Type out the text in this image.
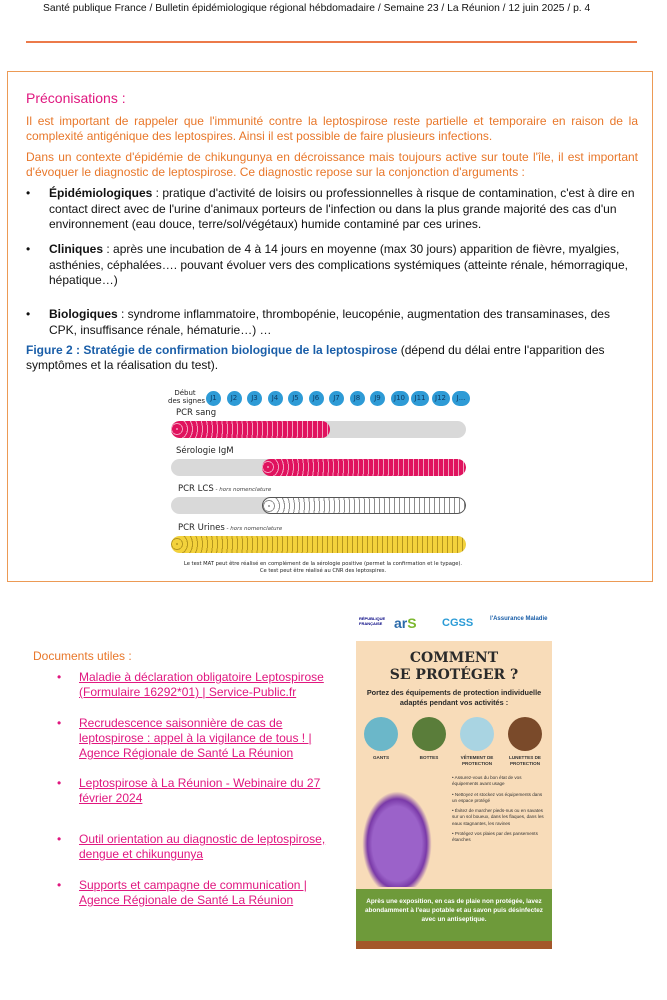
Santé publique France / Bulletin épidémiologique régional hébdomadaire / Semaine 23 / La Réunion / 12 juin 2025 / p. 4
Préconisations :
Il est important de rappeler que l'immunité contre la leptospirose reste partielle et temporaire en raison de la complexité antigénique des leptospires. Ainsi il est possible de faire plusieurs infections.
Dans un contexte d'épidémie de chikungunya en décroissance mais toujours active sur toute l'île, il est important d'évoquer le diagnostic de leptospirose. Ce diagnostic repose sur la conjonction d'arguments :
• Épidémiologiques : pratique d'activité de loisirs ou professionnelles à risque de contamination, c'est à dire en contact direct avec de l'urine d'animaux porteurs de l'infection ou dans la plus grande majorité des cas d'un environnement (eau douce, terre/sol/végétaux) humide contaminé par ces urines.
• Cliniques : après une incubation de 4 à 14 jours en moyenne (max 30 jours) apparition de fièvre, myalgies, asthénies, céphalées…. pouvant évoluer vers des complications systémiques (atteinte rénale, hémorragique, hépatique…)
• Biologiques : syndrome inflammatoire, thrombopénie, leucopénie, augmentation des transaminases, des CPK, insuffisance rénale, hématurie…) …
Figure 2 : Stratégie de confirmation biologique de la leptospirose (dépend du délai entre l'apparition des symptômes et la réalisation du test).
Début
des signes J1	J2	J3	J4	J5	J6	J7	J8	J9	J10	J11	J12	J...
PCR sang
Sérologie IgM
PCR LCS - hors nomenclature
PCR Urines - hors nomenclature
Le test MAT peut être réalisé en complément de la sérologie positive (permet la confirmation et le typage).
Ce test peut être réalisé au CNR des leptospires.
Documents utiles :
• Maladie à déclaration obligatoire Leptospirose (Formulaire 16292*01) | Service-Public.fr
• Recrudescence saisonnière de cas de leptospirose : appel à la vigilance de tous ! | Agence Régionale de Santé La Réunion
• Leptospirose à La Réunion - Webinaire du 27 février 2024
• Outil orientation au diagnostic de leptospirose, dengue et chikungunya
• Supports et campagne de communication | Agence Régionale de Santé La Réunion
RÉPUBLIQUE FRANÇAISE arS CGSS	l'Assurance Maladie
COMMENT
SE PROTÉGER ?
Portez des équipements de protection individuelle adaptés pendant vos activités :
GANTS	BOTTES	VÊTEMENT DE PROTECTION
LUNETTES DE PROTECTION
• Assurez-vous du bon état de vos équipements avant usage
• Nettoyez et stockez vos équipements dans un espace protégé
• Évitez de marcher pieds-nus ou en savates sur un sol boueux, dans les flaques, dans les eaux stagnantes, les ravines
• Protégez vos plaies par des pansements étanches
Après une exposition, en cas de plaie non protégée, lavez abondamment à l'eau potable et au savon puis désinfectez avec un antiseptique.
